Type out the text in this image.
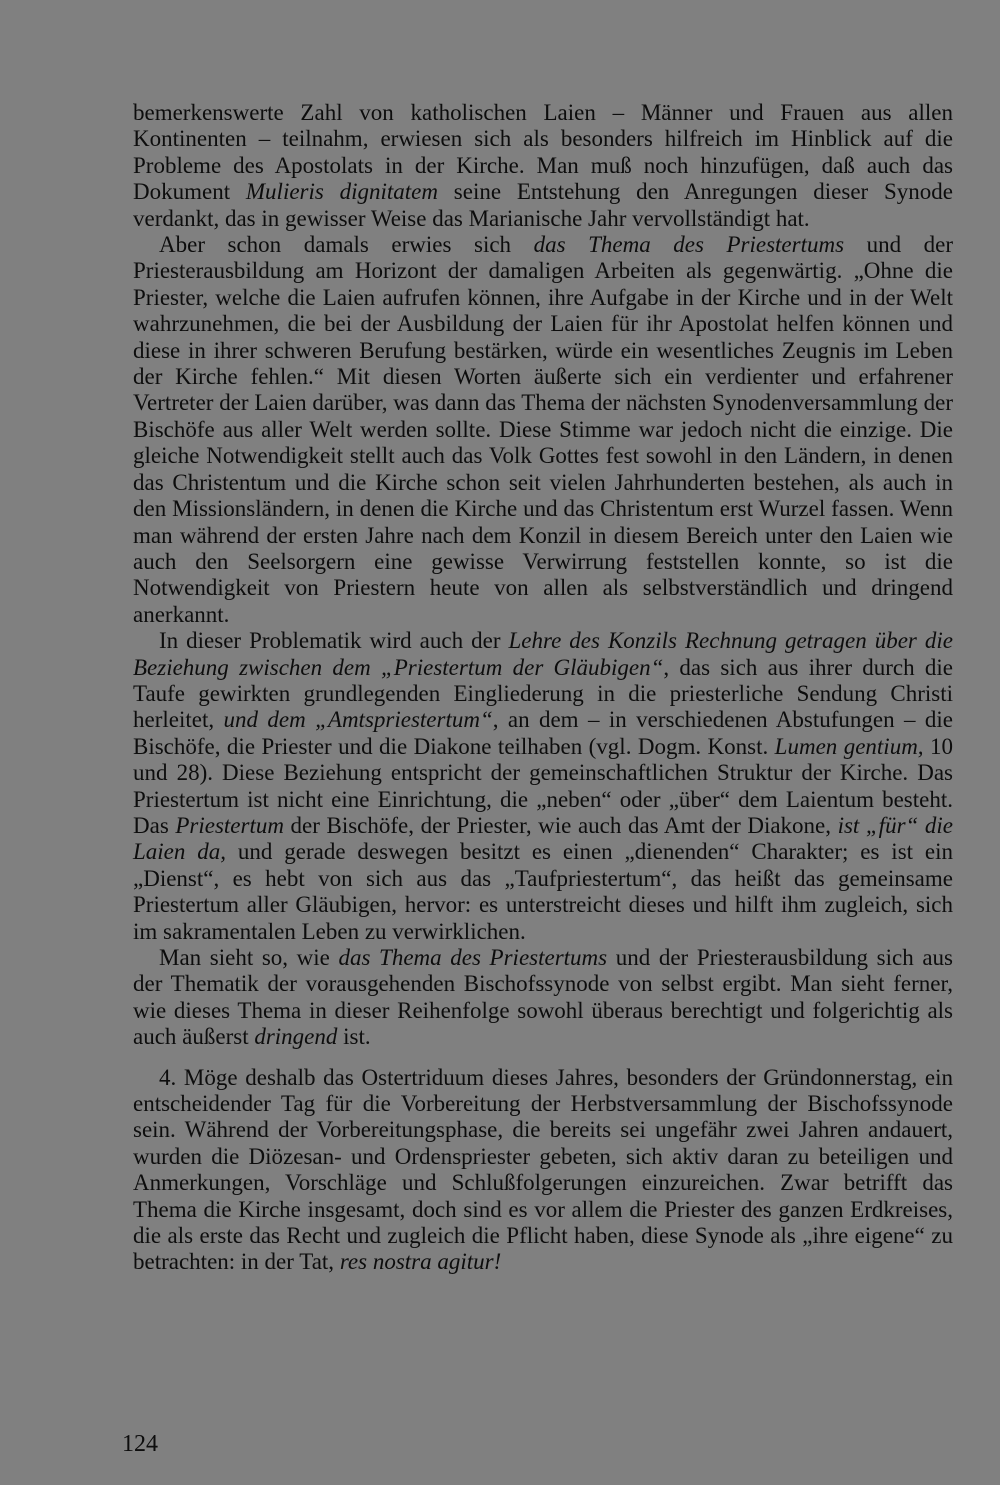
bemerkenswerte Zahl von katholischen Laien – Männer und Frauen aus allen Kontinenten – teilnahm, erwiesen sich als besonders hilfreich im Hinblick auf die Probleme des Apostolats in der Kirche. Man muß noch hinzufügen, daß auch das Dokument Mulieris dignitatem seine Entstehung den Anregungen dieser Synode verdankt, das in gewisser Weise das Marianische Jahr vervollständigt hat.

Aber schon damals erwies sich das Thema des Priestertums und der Priesterausbildung am Horizont der damaligen Arbeiten als gegenwärtig. „Ohne die Priester, welche die Laien aufrufen können, ihre Aufgabe in der Kirche und in der Welt wahrzunehmen, die bei der Ausbildung der Laien für ihr Apostolat helfen können und diese in ihrer schweren Berufung bestärken, würde ein wesentliches Zeugnis im Leben der Kirche fehlen.“ Mit diesen Worten äußerte sich ein verdienter und erfahrener Vertreter der Laien darüber, was dann das Thema der nächsten Synodenversammlung der Bischöfe aus aller Welt werden sollte. Diese Stimme war jedoch nicht die einzige. Die gleiche Notwendigkeit stellt auch das Volk Gottes fest sowohl in den Ländern, in denen das Christentum und die Kirche schon seit vielen Jahrhunderten bestehen, als auch in den Missionsländern, in denen die Kirche und das Christentum erst Wurzel fassen. Wenn man während der ersten Jahre nach dem Konzil in diesem Bereich unter den Laien wie auch den Seelsorgern eine gewisse Verwirrung feststellen konnte, so ist die Notwendigkeit von Priestern heute von allen als selbstverständlich und dringend anerkannt.

In dieser Problematik wird auch der Lehre des Konzils Rechnung getragen über die Beziehung zwischen dem „Priestertum der Gläubigen“, das sich aus ihrer durch die Taufe gewirkten grundlegenden Eingliederung in die priesterliche Sendung Christi herleitet, und dem „Amtspriestertum“, an dem – in verschiedenen Abstufungen – die Bischöfe, die Priester und die Diakone teilhaben (vgl. Dogm. Konst. Lumen gentium, 10 und 28). Diese Beziehung entspricht der gemeinschaftlichen Struktur der Kirche. Das Priestertum ist nicht eine Einrichtung, die „neben“ oder „über“ dem Laientum besteht. Das Priestertum der Bischöfe, der Priester, wie auch das Amt der Diakone, ist „für“ die Laien da, und gerade deswegen besitzt es einen „dienenden“ Charakter; es ist ein „Dienst“, es hebt von sich aus das „Taufpriestertum“, das heißt das gemeinsame Priestertum aller Gläubigen, hervor: es unterstreicht dieses und hilft ihm zugleich, sich im sakramentalen Leben zu verwirklichen.

Man sieht so, wie das Thema des Priestertums und der Priesterausbildung sich aus der Thematik der vorausgehenden Bischofssynode von selbst ergibt. Man sieht ferner, wie dieses Thema in dieser Reihenfolge sowohl überaus berechtigt und folgerichtig als auch äußerst dringend ist.

4. Möge deshalb das Ostertriduum dieses Jahres, besonders der Gründonnerstag, ein entscheidender Tag für die Vorbereitung der Herbstversammlung der Bischofssynode sein. Während der Vorbereitungsphase, die bereits sei ungefähr zwei Jahren andauert, wurden die Diözesan- und Ordenspriester gebeten, sich aktiv daran zu beteiligen und Anmerkungen, Vorschläge und Schlußfolgerungen einzureichen. Zwar betrifft das Thema die Kirche insgesamt, doch sind es vor allem die Priester des ganzen Erdkreises, die als erste das Recht und zugleich die Pflicht haben, diese Synode als „ihre eigene“ zu betrachten: in der Tat, res nostra agitur!

124
